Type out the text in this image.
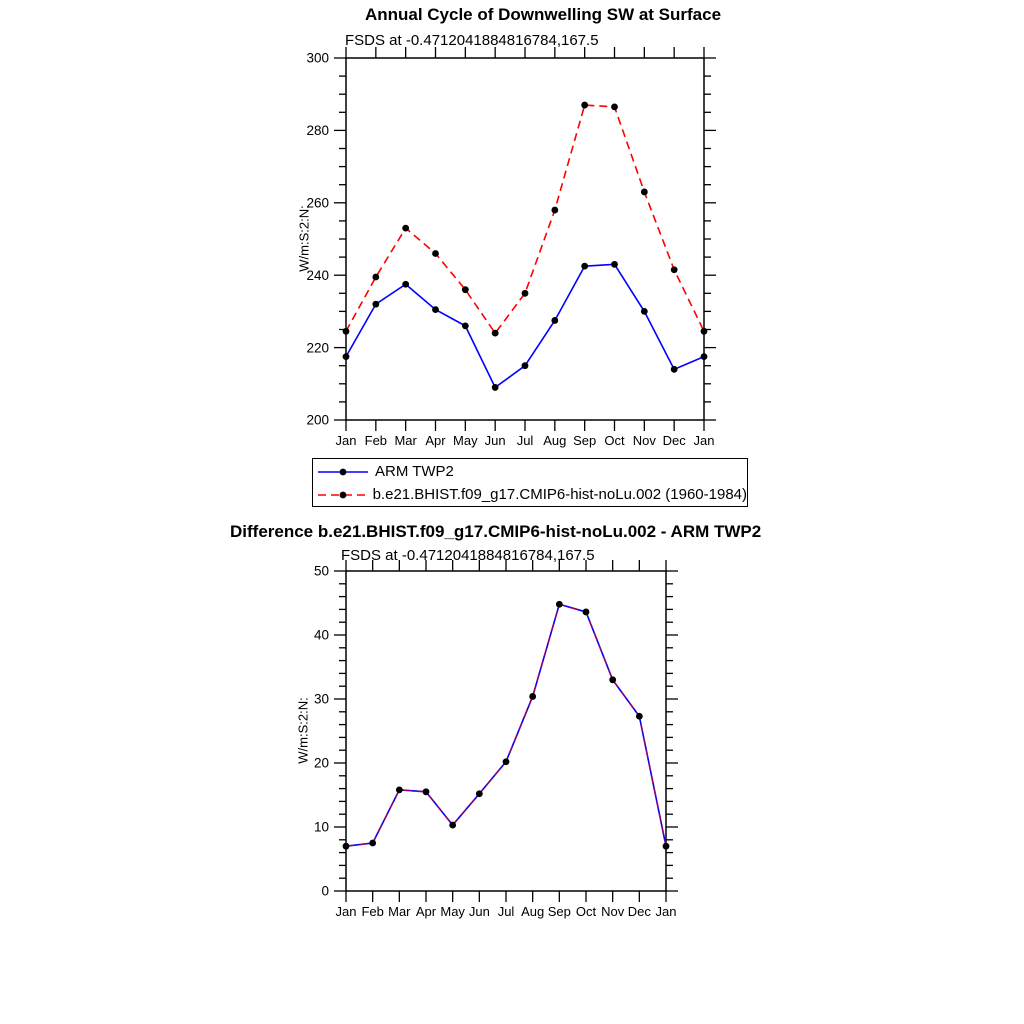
200
220
240
260
280
300
Jan Feb Mar Apr May Jun Jul Aug Sep Oct Nov Dec Jan
0
10
20
30
40
50
Jan Feb Mar Apr May Jun Jul Aug Sep Oct Nov Dec Jan
Annual Cycle of Downwelling SW at Surface
FSDS at -0.4712041884816784,167.5
W/m:S:2:N:
ARM TWP2
b.e21.BHIST.f09_g17.CMIP6-hist-noLu.002 (1960-1984)
Difference b.e21.BHIST.f09_g17.CMIP6-hist-noLu.002 - ARM TWP2
FSDS at -0.4712041884816784,167.5
W/m:S:2:N:
